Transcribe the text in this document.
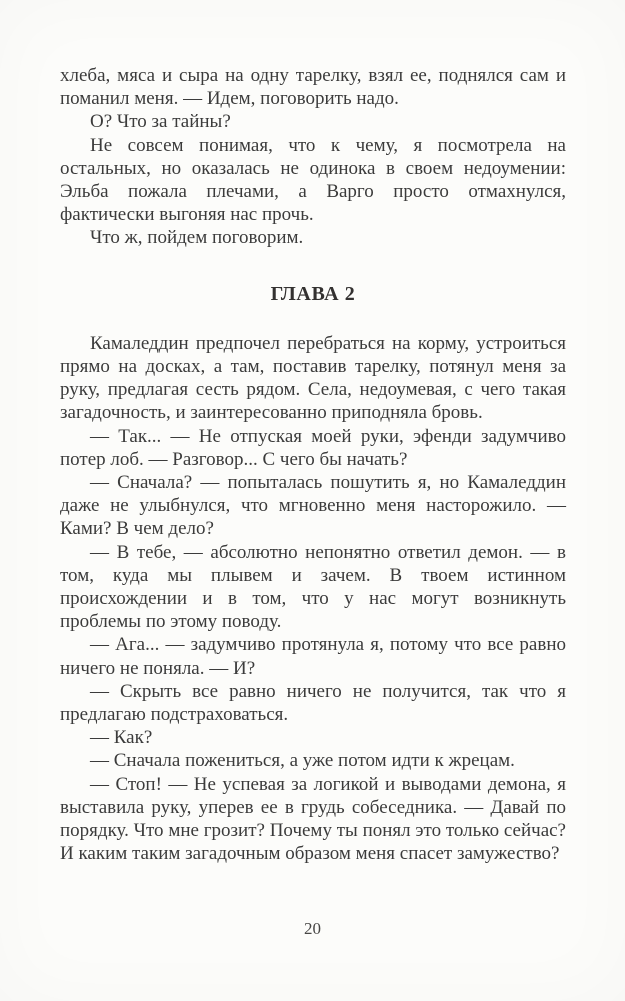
хлеба, мяса и сыра на одну тарелку, взял ее, поднялся сам и поманил меня. — Идем, поговорить надо.

О? Что за тайны?

Не совсем понимая, что к чему, я посмотрела на остальных, но оказалась не одинока в своем недоумении: Эльба пожала плечами, а Варго просто отмахнулся, фактически выгоняя нас прочь.

Что ж, пойдем поговорим.

ГЛАВА 2

Камаледдин предпочел перебраться на корму, устроиться прямо на досках, а там, поставив тарелку, потянул меня за руку, предлагая сесть рядом. Села, недоумевая, с чего такая загадочность, и заинтересованно приподняла бровь.

— Так... — Не отпуская моей руки, эфенди задумчиво потер лоб. — Разговор... С чего бы начать?

— Сначала? — попыталась пошутить я, но Камаледдин даже не улыбнулся, что мгновенно меня насторожило. — Ками? В чем дело?

— В тебе, — абсолютно непонятно ответил демон. — в том, куда мы плывем и зачем. В твоем истинном происхождении и в том, что у нас могут возникнуть проблемы по этому поводу.

— Ага... — задумчиво протянула я, потому что все равно ничего не поняла. — И?

— Скрыть все равно ничего не получится, так что я предлагаю подстраховаться.

— Как?

— Сначала пожениться, а уже потом идти к жрецам.

— Стоп! — Не успевая за логикой и выводами демона, я выставила руку, уперев ее в грудь собеседника. — Давай по порядку. Что мне грозит? Почему ты понял это только сейчас? И каким таким загадочным образом меня спасет замужество?

20
